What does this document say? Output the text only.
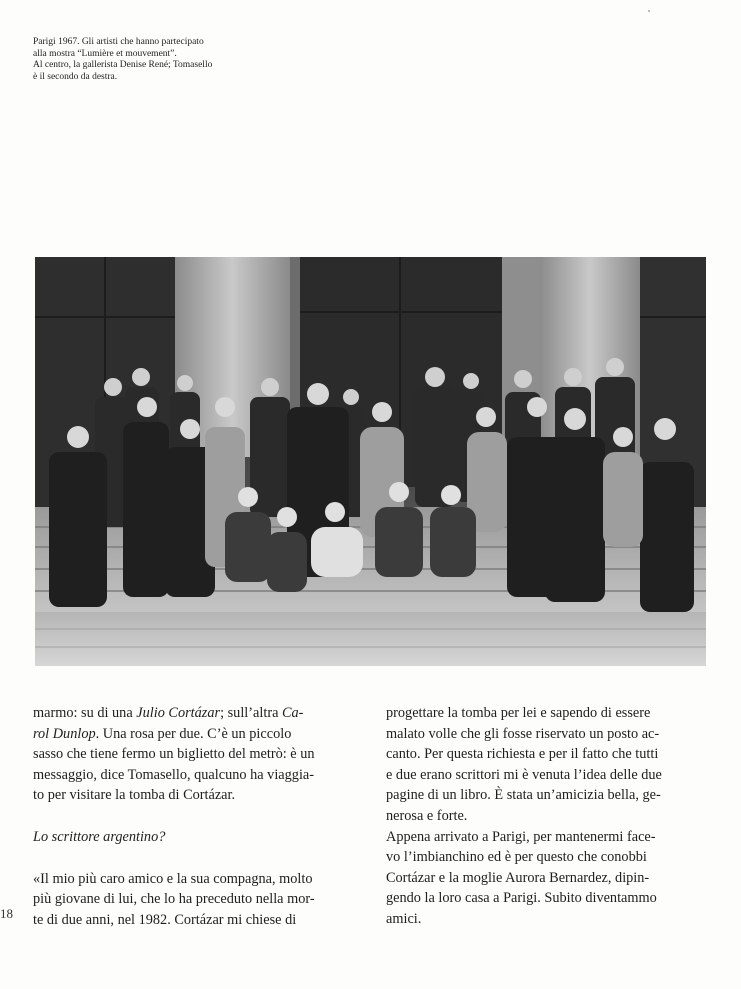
Parigi 1967. Gli artisti che hanno partecipato
alla mostra “Lumière et mouvement”.
Al centro, la gallerista Denise René; Tomasello
è il secondo da destra.

marmo: su di una Julio Cortázar; sull’altra Ca-
rol Dunlop. Una rosa per due. C’è un piccolo
sasso che tiene fermo un biglietto del metrò: è un
messaggio, dice Tomasello, qualcuno ha viaggia-
to per visitare la tomba di Cortázar.

Lo scrittore argentino?

«Il mio più caro amico e la sua compagna, molto
più giovane di lui, che lo ha preceduto nella mor-
te di due anni, nel 1982. Cortázar mi chiese di

progettare la tomba per lei e sapendo di essere
malato volle che gli fosse riservato un posto ac-
canto. Per questa richiesta e per il fatto che tutti
e due erano scrittori mi è venuta l’idea delle due
pagine di un libro. È stata un’amicizia bella, ge-
nerosa e forte.
Appena arrivato a Parigi, per mantenermi face-
vo l’imbianchino ed è per questo che conobbi
Cortázar e la moglie Aurora Bernardez, dipin-
gendo la loro casa a Parigi. Subito diventammo
amici.

18
